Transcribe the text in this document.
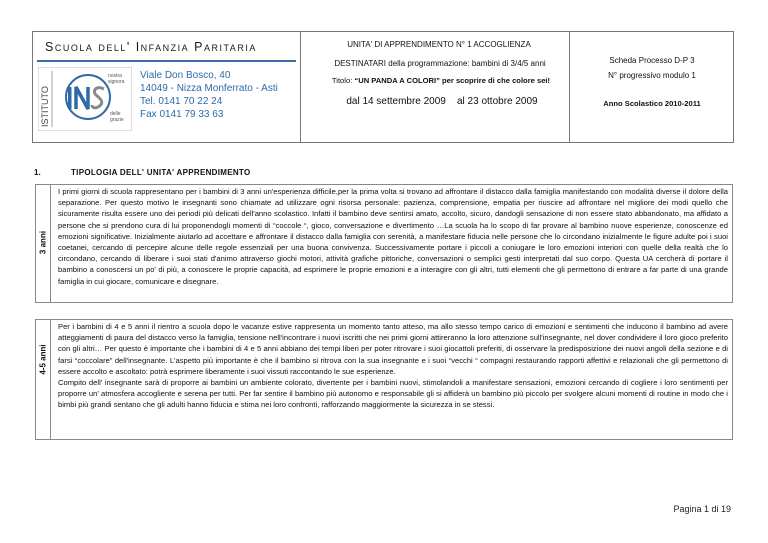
Scuola dell' Infanzia Paritaria
ISTITUTO
nostra
signora
delle
grazie
Viale Don Bosco, 40
14049 - Nizza Monferrato - Asti
Tel. 0141 70 22 24
Fax 0141 79 33 63
UNITA' DI APPRENDIMENTO N° 1 ACCOGLIENZA
DESTINATARI della programmazione: bambini di 3/4/5 anni
Titolo: “UN PANDA A COLORI” per scoprire di che colore sei!
dal 14 settembre 2009 al 23 ottobre 2009
Scheda Processo D-P 3
N° progressivo modulo 1
Anno Scolastico 2010-2011
1.	TIPOLOGIA DELL' UNITA' APPRENDIMENTO
3 anni
I primi giorni di scuola rappresentano per i bambini di 3 anni un'esperienza difficile,per la prima volta si trovano ad affrontare il distacco dalla famiglia manifestando con modalità diverse il dolore della separazione. Per questo motivo le insegnanti sono chiamate ad utilizzare ogni risorsa personale: pazienza, comprensione, empatia per riuscire ad affrontare nel migliore dei modi quello che sicuramente risulta essere uno dei periodi più delicati dell'anno scolastico. Infatti il bambino deve sentirsi amato, accolto, sicuro, dandogli sensazione di non essere stato abbandonato, ma affidato a persone che si prendono cura di lui proponendogli momenti di “coccole “, gioco, conversazione e divertimento …La scuola ha lo scopo di far provare al bambino nuove esperienze, conoscenze ed emozioni significative. Inizialmente aiutarlo ad accettare e affrontare il distacco dalla famiglia con serenità, a manifestare fiducia nelle persone che lo circondano inizialmente le figure adulte poi i suoi coetanei, cercando di percepire alcune delle regole essenziali per una buona convivenza. Successivamente portare i piccoli a coniugare le loro emozioni interiori con quelle della realtà che lo circondano, cercando di liberare i suoi stati d'animo attraverso giochi motori, attività grafiche pittoriche, conversazioni o semplici gesti interpretati dal suo corpo. Questa UA cercherà di portare il bambino a conoscersi un po' di più, a conoscere le proprie capacità, ad esprimere le proprie emozioni e a interagire con gli altri, tutti elementi che gli permettono di entrare a far parte di una grande famiglia in cui giocare, comunicare e disegnare.
4-5 anni
Per i bambini di 4 e 5 anni il rientro a scuola dopo le vacanze estive rappresenta un momento tanto atteso, ma allo stesso tempo carico di emozioni e sentimenti che inducono il bambino ad avere atteggiamenti di paura del distacco verso la famiglia, tensione nell'incontrare i nuovi iscritti che nei primi giorni attireranno la loro attenzione sull'insegnante, nel dover condividere il loro gioco preferito con gli altri… Per questo è importante che i bambini di 4 e 5 anni abbiano dei tempi liberi per poter ritrovare i suoi giocattoli preferiti, di osservare la predisposizione dei nuovi angoli della sezione e di farsi “coccolare” dell'insegnante. L'aspetto più importante è che il bambino si ritrova con la sua insegnante e i suoi “vecchi “ compagni restaurando rapporti affettivi e relazionali che gli permettono di essere accolto e ascoltato: potrà esprimere liberamente i suoi vissuti raccontando le sue esperienze.
Compito dell' insegnante sarà di proporre ai bambini un ambiente colorato, divertente per i bambini nuovi, stimolandoli a manifestare sensazioni, emozioni cercando di cogliere i loro sentimenti per proporre un' atmosfera accogliente e serena per tutti. Per far sentire il bambino più autonomo e responsabile gli si affiderà un bambino più piccolo per svolgere alcuni momenti di routine in modo che i bimbi più grandi sentano che gli adulti hanno fiducia e stima nei loro confronti, rafforzando maggiormente la sicurezza in se stessi.
Pagina 1 di 19
